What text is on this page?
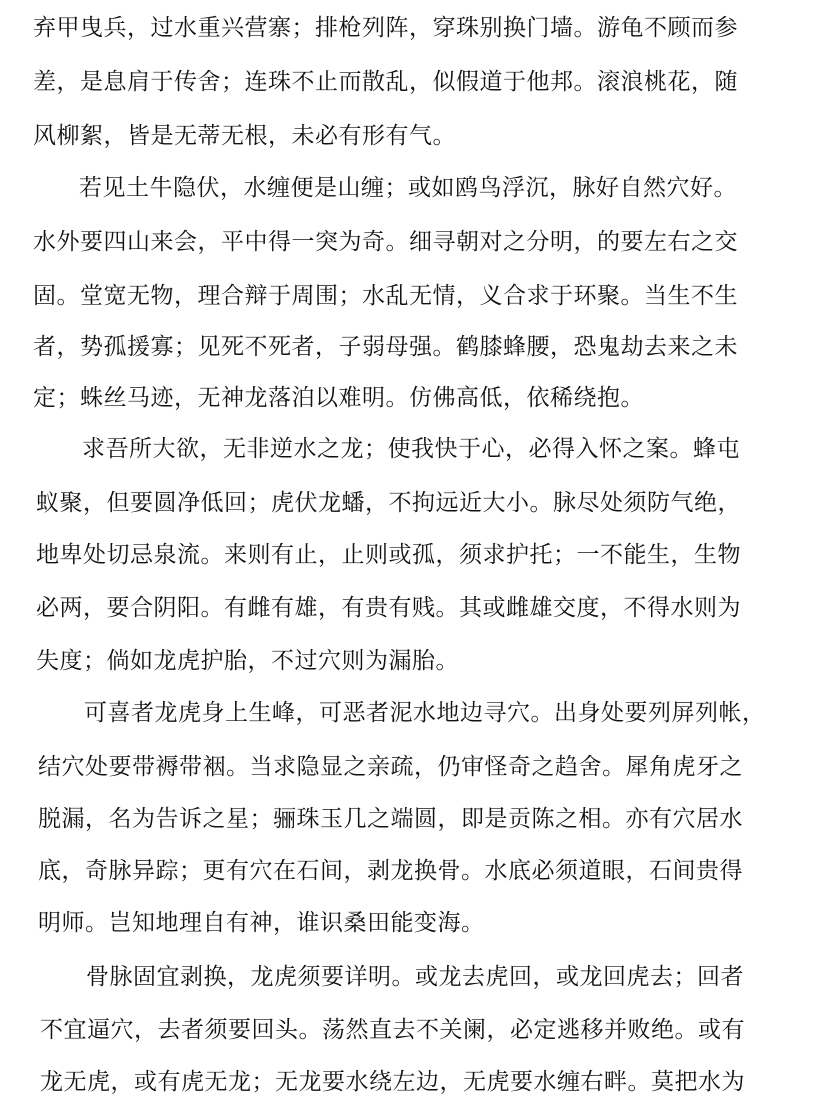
弃甲曳兵，过水重兴营寨；排枪列阵，穿珠别换门墙。游龟不顾而参
差，是息肩于传舍；连珠不止而散乱，似假道于他邦。滚浪桃花，随
风柳絮，皆是无蒂无根，未必有形有气。
若见土牛隐伏，水缠便是山缠；或如鸥鸟浮沉，脉好自然穴好。
水外要四山来会，平中得一突为奇。细寻朝对之分明，的要左右之交
固。堂宽无物，理合辩于周围；水乱无情，义合求于环聚。当生不生
者，势孤援寡；见死不死者，子弱母强。鹤膝蜂腰，恐鬼劫去来之未
定；蛛丝马迹，无神龙落泊以难明。仿佛高低，依稀绕抱。
求吾所大欲，无非逆水之龙；使我快于心，必得入怀之案。蜂屯
蚁聚，但要圆净低回；虎伏龙蟠，不拘远近大小。脉尽处须防气绝，
地卑处切忌泉流。来则有止，止则或孤，须求护托；一不能生，生物
必两，要合阴阳。有雌有雄，有贵有贱。其或雌雄交度，不得水则为
失度；倘如龙虎护胎，不过穴则为漏胎。
可喜者龙虎身上生峰，可恶者泥水地边寻穴。出身处要列屏列帐，
结穴处要带褥带裀。当求隐显之亲疏，仍审怪奇之趋舍。犀角虎牙之
脱漏，名为告诉之星；骊珠玉几之端圆，即是贡陈之相。亦有穴居水
底，奇脉异踪；更有穴在石间，剥龙换骨。水底必须道眼，石间贵得
明师。岂知地理自有神，谁识桑田能变海。
骨脉固宜剥换，龙虎须要详明。或龙去虎回，或龙回虎去；回者
不宜逼穴，去者须要回头。荡然直去不关阑，必定逃移并败绝。或有
龙无虎，或有虎无龙；无龙要水绕左边，无虎要水缠右畔。莫把水为
